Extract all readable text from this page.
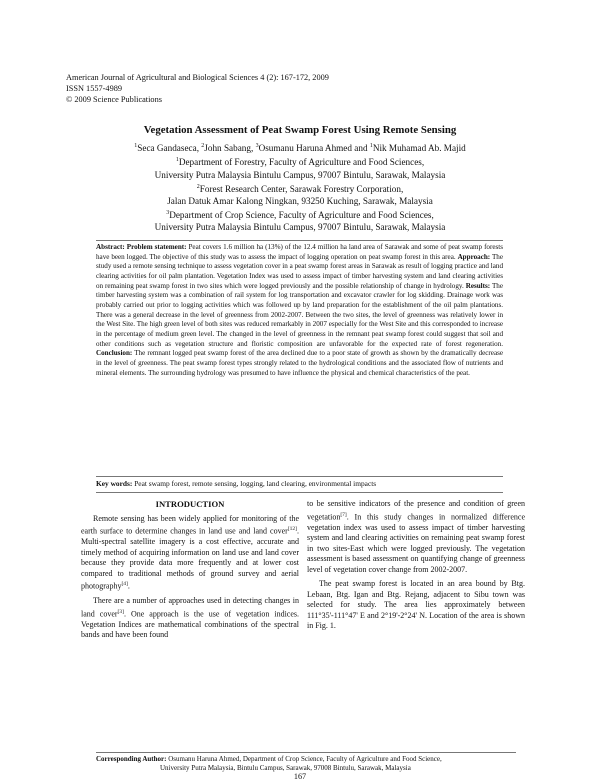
American Journal of Agricultural and Biological Sciences 4 (2): 167-172, 2009
ISSN 1557-4989
© 2009 Science Publications
Vegetation Assessment of Peat Swamp Forest Using Remote Sensing
$^1$Seca Gandaseca, $^2$John Sabang, $^3$Osumanu Haruna Ahmed and $^1$Nik Muhamad Ab. Majid
$^1$Department of Forestry, Faculty of Agriculture and Food Sciences,
University Putra Malaysia Bintulu Campus, 97007 Bintulu, Sarawak, Malaysia
$^2$Forest Research Center, Sarawak Forestry Corporation,
Jalan Datuk Amar Kalong Ningkan, 93250 Kuching, Sarawak, Malaysia
$^3$Department of Crop Science, Faculty of Agriculture and Food Sciences,
University Putra Malaysia Bintulu Campus, 97007 Bintulu, Sarawak, Malaysia
Abstract: Problem statement: Peat covers 1.6 million ha (13%) of the 12.4 million ha land area of Sarawak and some of peat swamp forests have been logged. The objective of this study was to assess the impact of logging operation on peat swamp forest in this area. Approach: The study used a remote sensing technique to assess vegetation cover in a peat swamp forest areas in Sarawak as result of logging practice and land clearing activities for oil palm plantation. Vegetation Index was used to assess impact of timber harvesting system and land clearing activities on remaining peat swamp forest in two sites which were logged previously and the possible relationship of change in hydrology. Results: The timber harvesting system was a combination of rail system for log transportation and excavator crawler for log skidding. Drainage work was probably carried out prior to logging activities which was followed up by land preparation for the establishment of the oil palm plantations. There was a general decrease in the level of greenness from 2002-2007. Between the two sites, the level of greenness was relatively lower in the West Site. The high green level of both sites was reduced remarkably in 2007 especially for the West Site and this corresponded to increase in the percentage of medium green level. The changed in the level of greenness in the remnant peat swamp forest could suggest that soil and other conditions such as vegetation structure and floristic composition are unfavorable for the expected rate of forest regeneration. Conclusion: The remnant logged peat swamp forest of the area declined due to a poor state of growth as shown by the dramatically decrease in the level of greenness. The peat swamp forest types strongly related to the hydrological conditions and the associated flow of nutrients and mineral elements. The surrounding hydrology was presumed to have influence the physical and chemical characteristics of the peat.
Key words: Peat swamp forest, remote sensing, logging, land clearing, environmental impacts

INTRODUCTION

Remote sensing has been widely applied for monitoring of the earth surface to determine changes in land use and land cover[12]. Multi-spectral satellite imagery is a cost effective, accurate and timely method of acquiring information on land use and land cover because they provide data more frequently and at lower cost compared to traditional methods of ground survey and aerial photography[4].

There are a number of approaches used in detecting changes in land cover[3]. One approach is the use of vegetation indices. Vegetation Indices are mathematical combinations of the spectral bands and have been found

to be sensitive indicators of the presence and condition of green vegetation[7]. In this study changes in normalized difference vegetation index was used to assess impact of timber harvesting system and land clearing activities on remaining peat swamp forest in two sites-East which were logged previously. The vegetation assessment is based assessment on quantifying change of greenness level of vegetation cover change from 2002-2007.

The peat swamp forest is located in an area bound by Btg. Lebaan, Btg. Igan and Btg. Rejang, adjacent to Sibu town was selected for study. The area lies approximately between 111°35'-111°47' E and 2°19'-2°24' N. Location of the area is shown in Fig. 1.

Corresponding Author: Osumanu Haruna Ahmed, Department of Crop Science, Faculty of Agriculture and Food Science,
University Putra Malaysia, Bintulu Campus, Sarawak, 97008 Bintulu, Sarawak, Malaysia
167
